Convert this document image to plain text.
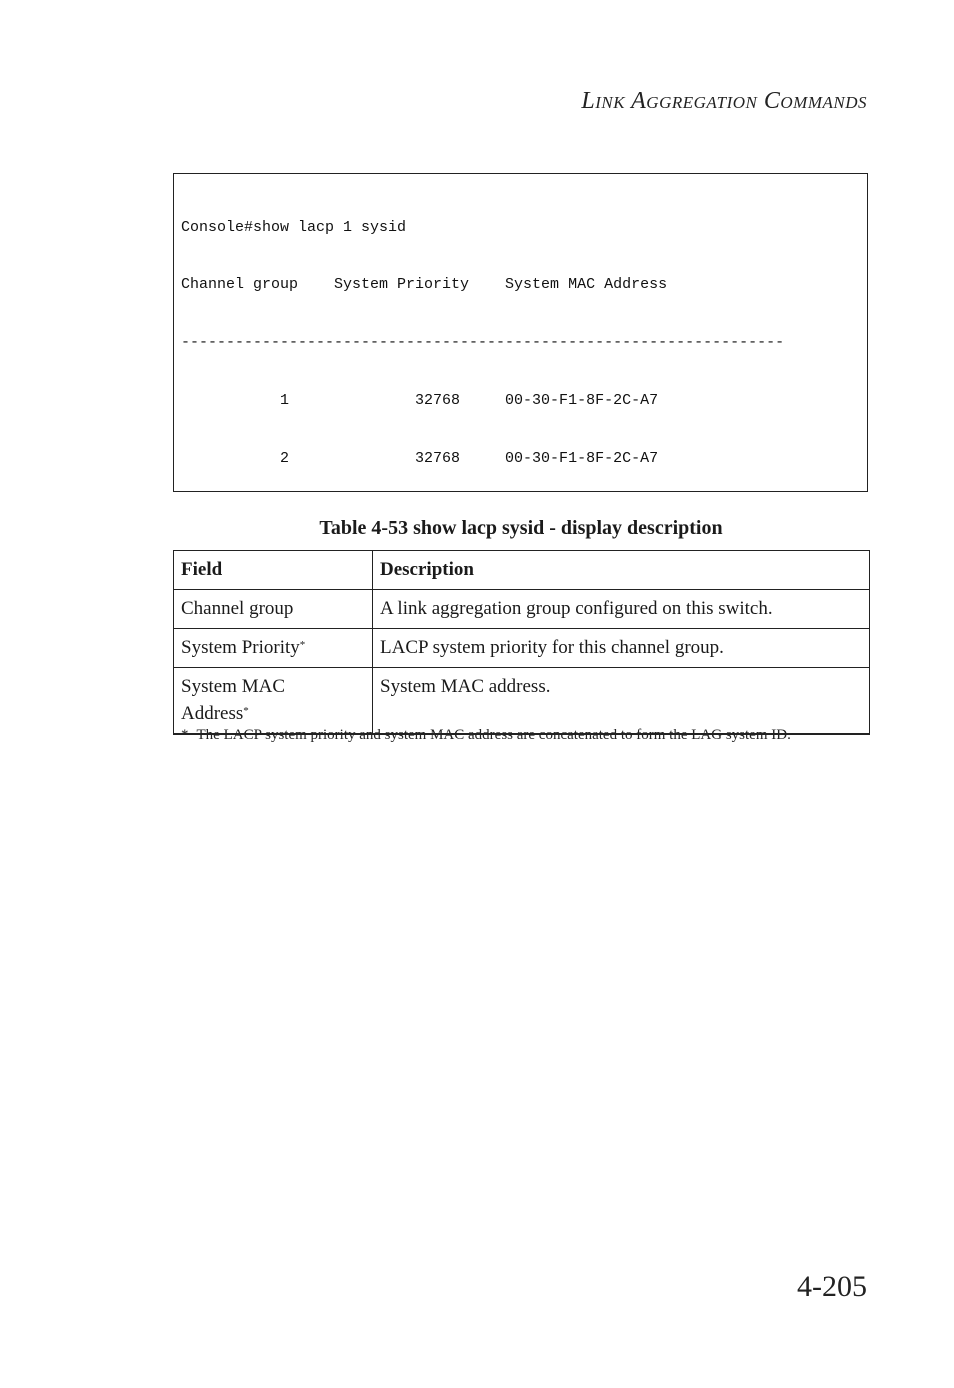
Link Aggregation Commands

Console#show lacp 1 sysid

Channel group    System Priority    System MAC Address

-------------------------------------------------------------------

1              32768     00-30-F1-8F-2C-A7

2              32768     00-30-F1-8F-2C-A7

Table 4-53 show lacp sysid - display description
Field	Description
Channel group	A link aggregation group configured on this switch.
System Priority*	LACP system priority for this channel group.
System MAC
Address*	System MAC address.
* The LACP system priority and system MAC address are concatenated to form the LAG system ID.
4-205
